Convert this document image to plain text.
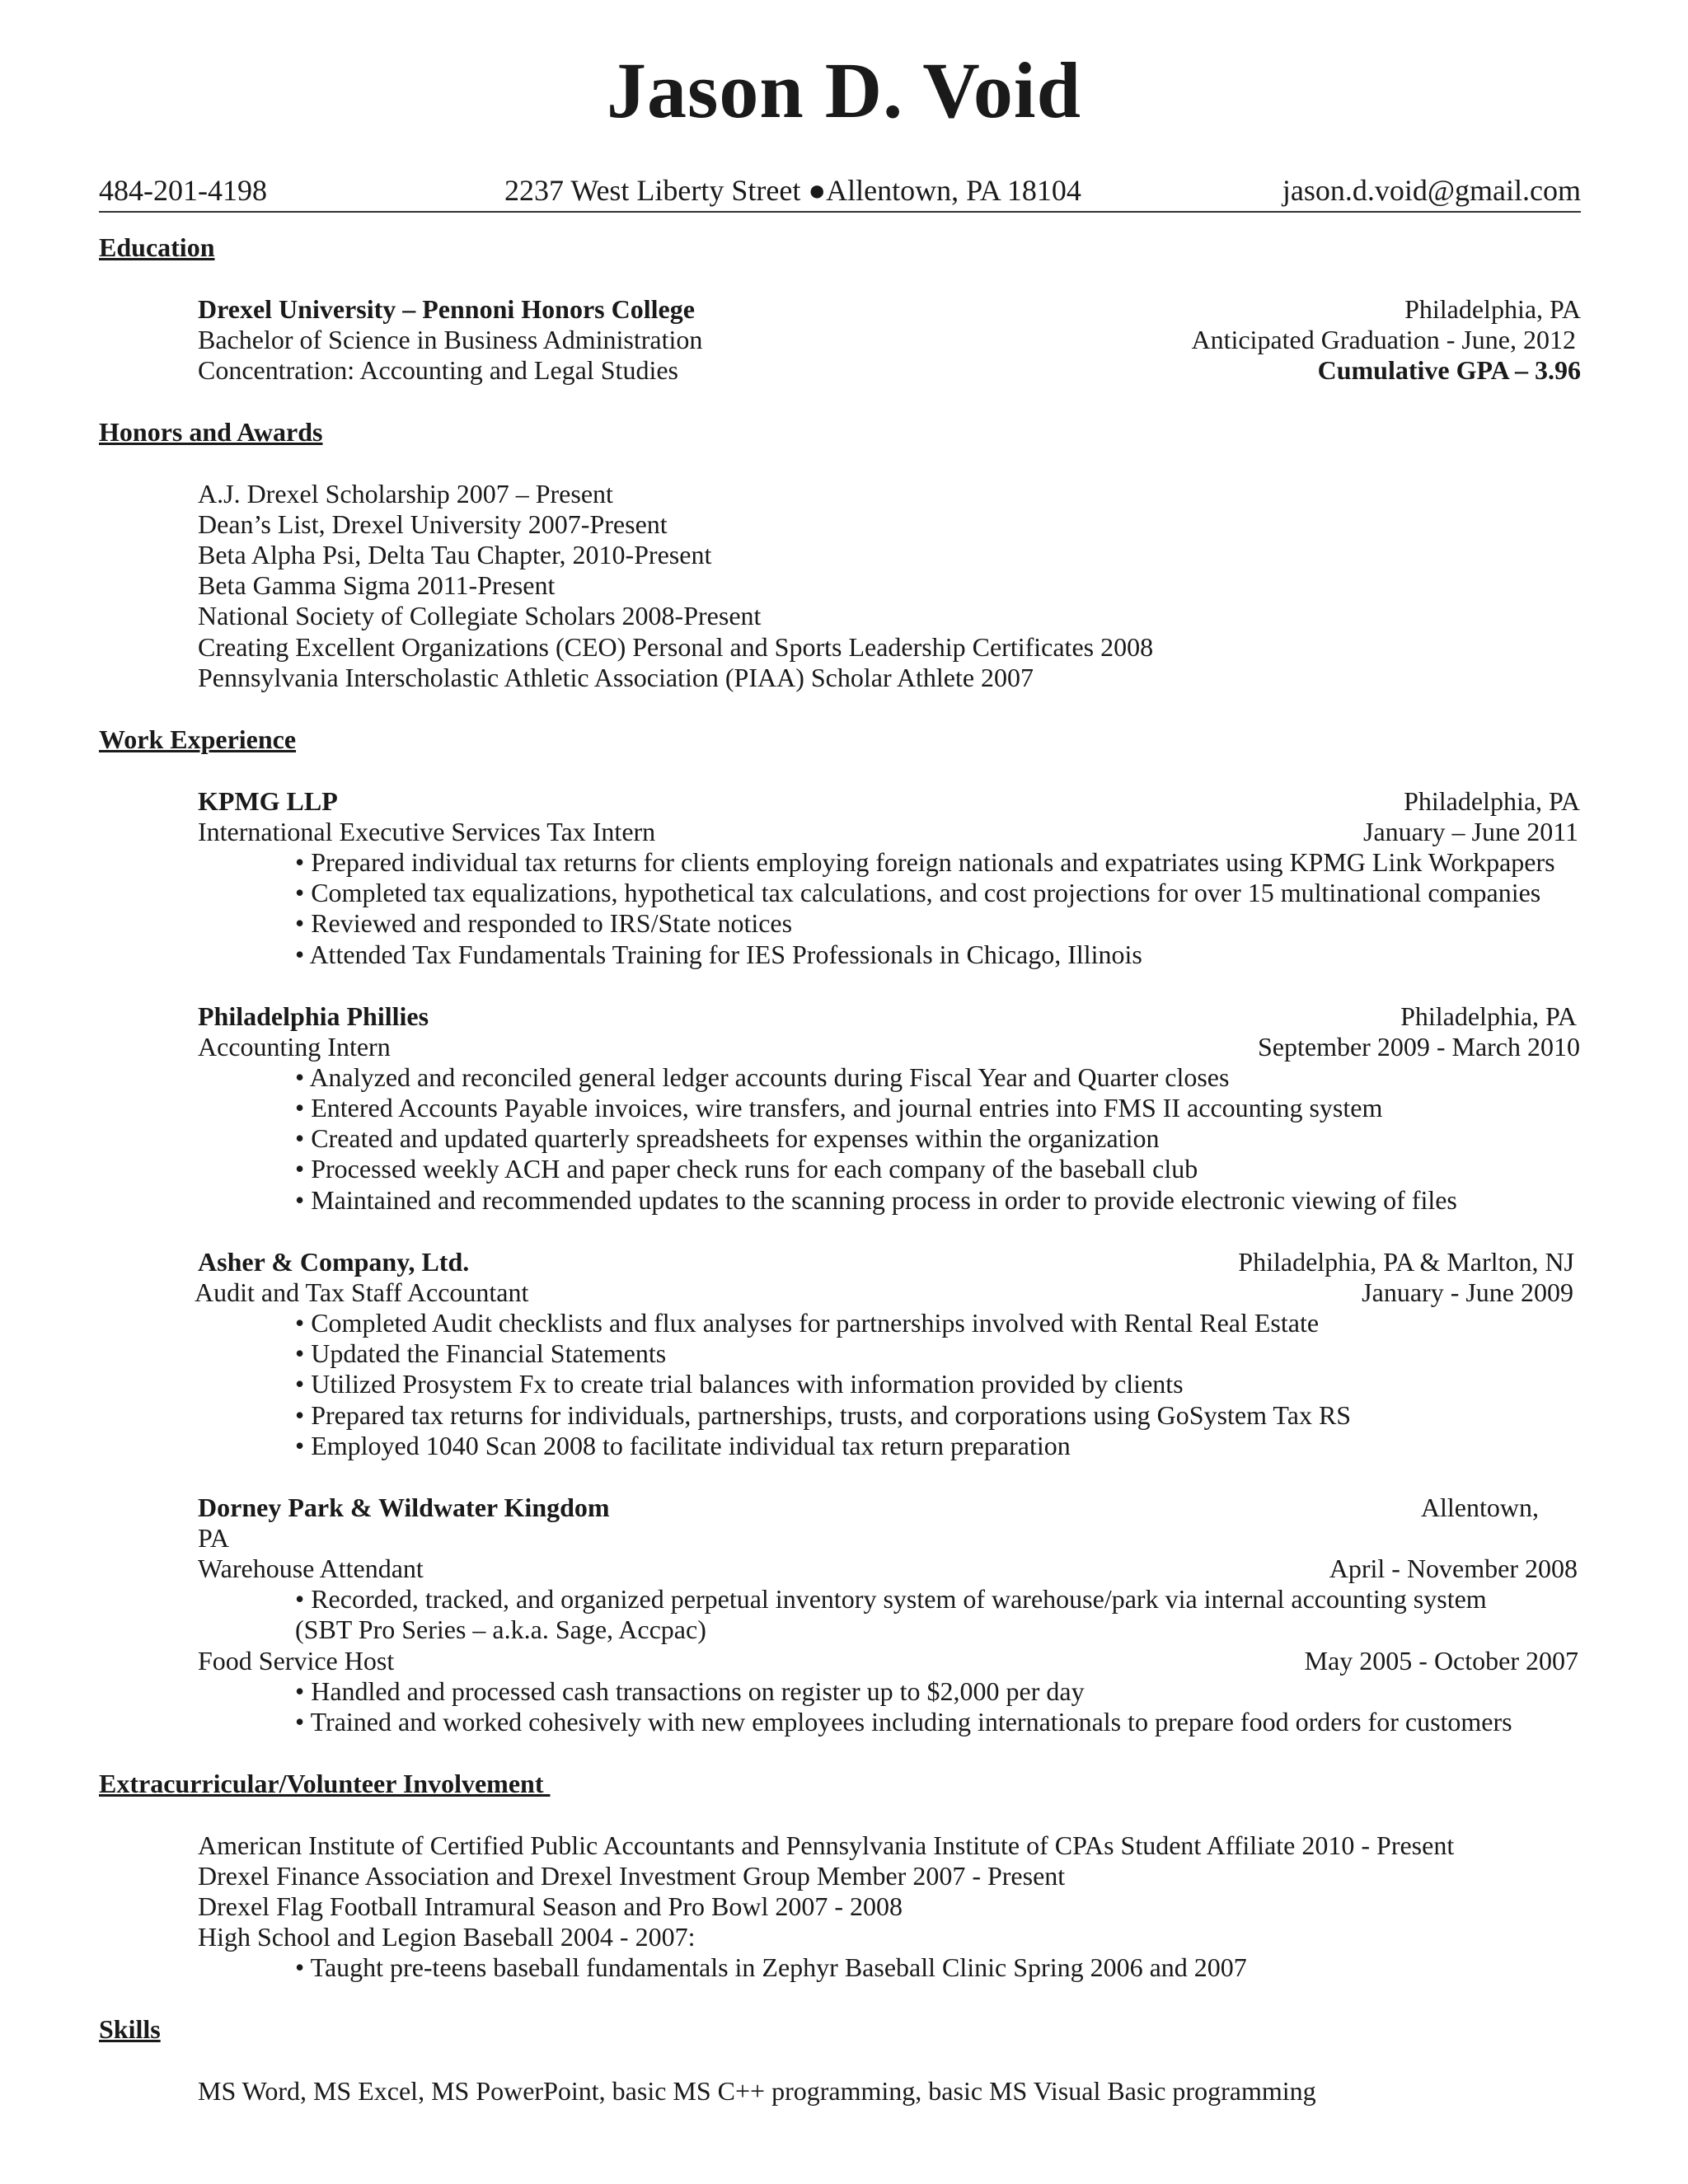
Jason D. Void
484-201-4198	2237 West Liberty Street ●Allentown, PA 18104	jason.d.void@gmail.com
Education
Drexel University – Pennoni Honors College	Philadelphia, PA
Bachelor of Science in Business Administration	Anticipated Graduation - June, 2012
Concentration: Accounting and Legal Studies	Cumulative GPA – 3.96
Honors and Awards
A.J. Drexel Scholarship 2007 – Present
Dean’s List, Drexel University 2007-Present
Beta Alpha Psi, Delta Tau Chapter, 2010-Present
Beta Gamma Sigma 2011-Present
National Society of Collegiate Scholars 2008-Present
Creating Excellent Organizations (CEO) Personal and Sports Leadership Certificates 2008
Pennsylvania Interscholastic Athletic Association (PIAA) Scholar Athlete 2007
Work Experience
KPMG LLP	Philadelphia, PA
International Executive Services Tax Intern	January – June 2011
• Prepared individual tax returns for clients employing foreign nationals and expatriates using KPMG Link Workpapers
• Completed tax equalizations, hypothetical tax calculations, and cost projections for over 15 multinational companies
• Reviewed and responded to IRS/State notices
• Attended Tax Fundamentals Training for IES Professionals in Chicago, Illinois
Philadelphia Phillies	Philadelphia, PA
Accounting Intern	September 2009 - March 2010
• Analyzed and reconciled general ledger accounts during Fiscal Year and Quarter closes
• Entered Accounts Payable invoices, wire transfers, and journal entries into FMS II accounting system
• Created and updated quarterly spreadsheets for expenses within the organization
• Processed weekly ACH and paper check runs for each company of the baseball club
• Maintained and recommended updates to the scanning process in order to provide electronic viewing of files
Asher & Company, Ltd.	Philadelphia, PA & Marlton, NJ
Audit and Tax Staff Accountant	January - June 2009
• Completed Audit checklists and flux analyses for partnerships involved with Rental Real Estate
• Updated the Financial Statements
• Utilized Prosystem Fx to create trial balances with information provided by clients
• Prepared tax returns for individuals, partnerships, trusts, and corporations using GoSystem Tax RS
• Employed 1040 Scan 2008 to facilitate individual tax return preparation
Dorney Park & Wildwater Kingdom	Allentown,
PA
Warehouse Attendant	April - November 2008
• Recorded, tracked, and organized perpetual inventory system of warehouse/park via internal accounting system
(SBT Pro Series – a.k.a. Sage, Accpac)
Food Service Host	May 2005 - October 2007
• Handled and processed cash transactions on register up to $2,000 per day
• Trained and worked cohesively with new employees including internationals to prepare food orders for customers
Extracurricular/Volunteer Involvement
American Institute of Certified Public Accountants and Pennsylvania Institute of CPAs Student Affiliate 2010 - Present
Drexel Finance Association and Drexel Investment Group Member 2007 - Present
Drexel Flag Football Intramural Season and Pro Bowl 2007 - 2008
High School and Legion Baseball 2004 - 2007:
• Taught pre-teens baseball fundamentals in Zephyr Baseball Clinic Spring 2006 and 2007
Skills
MS Word, MS Excel, MS PowerPoint, basic MS C++ programming, basic MS Visual Basic programming
